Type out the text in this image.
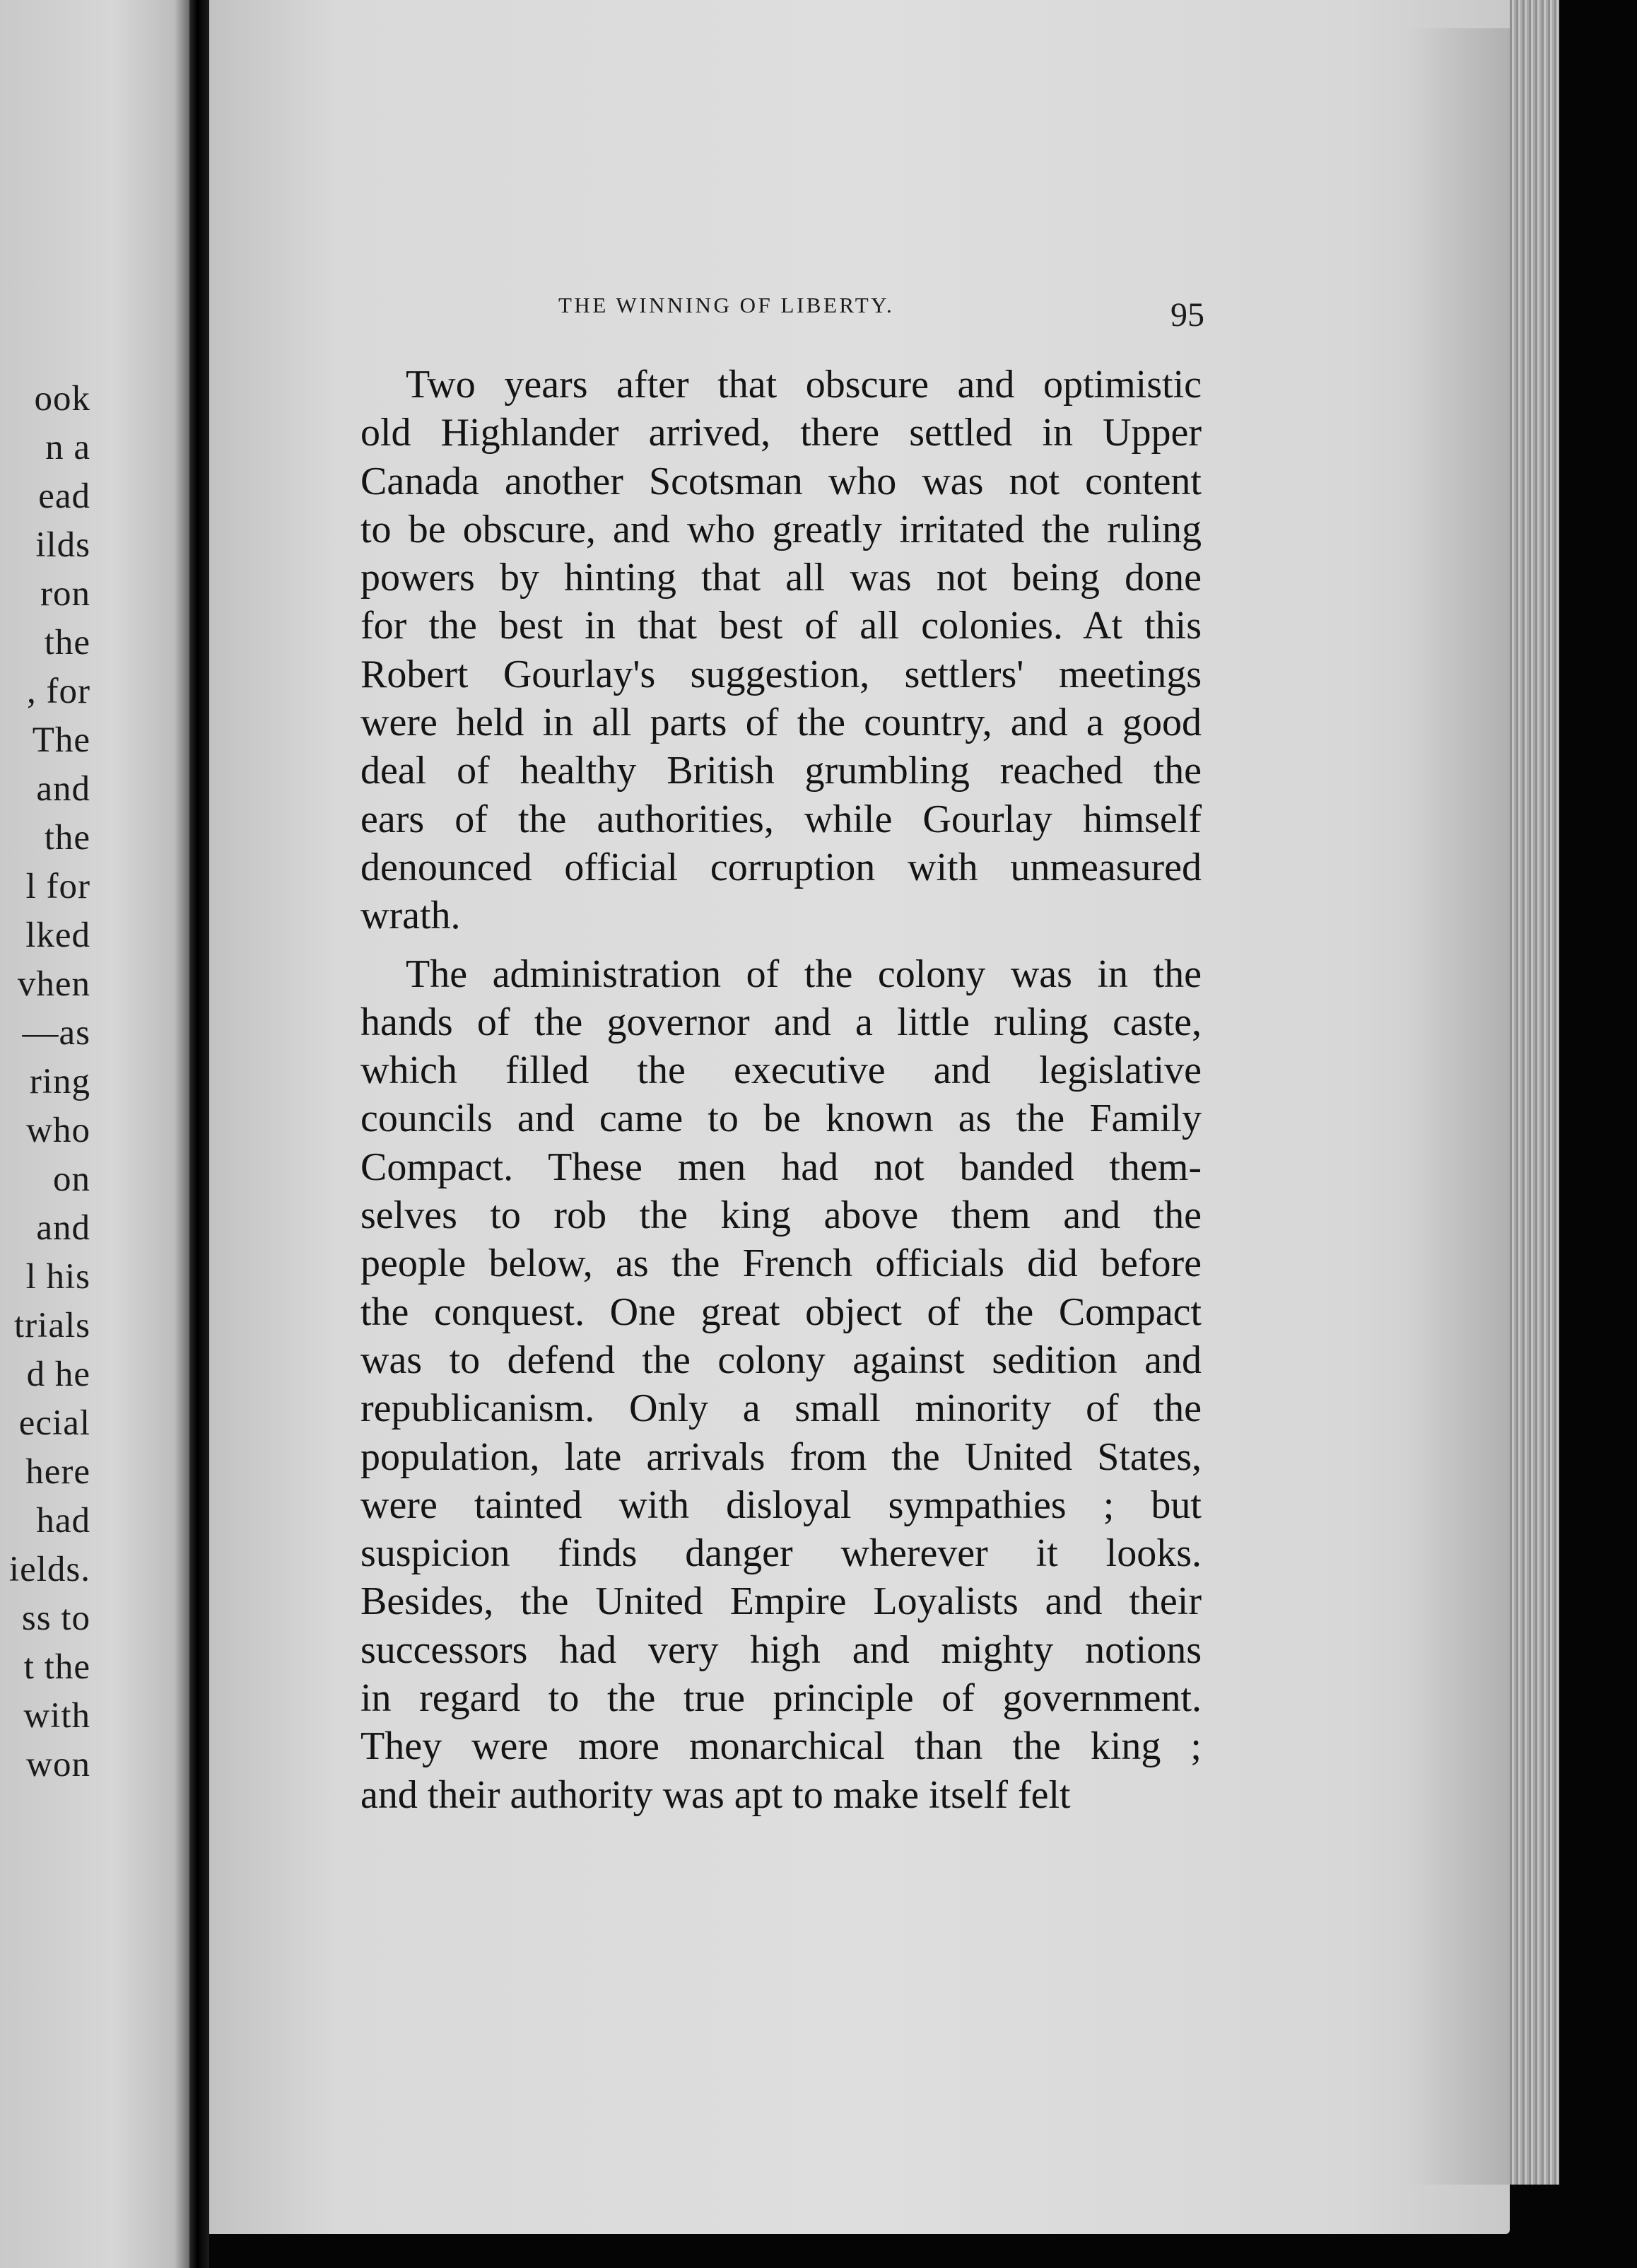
ook
n a
ead
ilds
ron
the
, for
The
and
the
l for
lked
vhen
—as
ring
who
on
and
l his
trials
d he
ecial
here
had
ields.
ss to
t the
with
won
THE WINNING OF LIBERTY.	95
Two years after that obscure and optimistic
old Highlander arrived, there settled in Upper
Canada another Scotsman who was not content
to be obscure, and who greatly irritated the ruling
powers by hinting that all was not being done
for the best in that best of all colonies. At this
Robert Gourlay's suggestion, settlers' meetings
were held in all parts of the country, and a good
deal of healthy British grumbling reached the
ears of the authorities, while Gourlay himself
denounced official corruption with unmeasured
wrath.
The administration of the colony was in the
hands of the governor and a little ruling caste,
which filled the executive and legislative
councils and came to be known as the Family
Compact. These men had not banded them-
selves to rob the king above them and the
people below, as the French officials did before
the conquest. One great object of the Compact
was to defend the colony against sedition and
republicanism. Only a small minority of the
population, late arrivals from the United States,
were tainted with disloyal sympathies ; but
suspicion finds danger wherever it looks.
Besides, the United Empire Loyalists and their
successors had very high and mighty notions
in regard to the true principle of government.
They were more monarchical than the king ;
and their authority was apt to make itself felt
